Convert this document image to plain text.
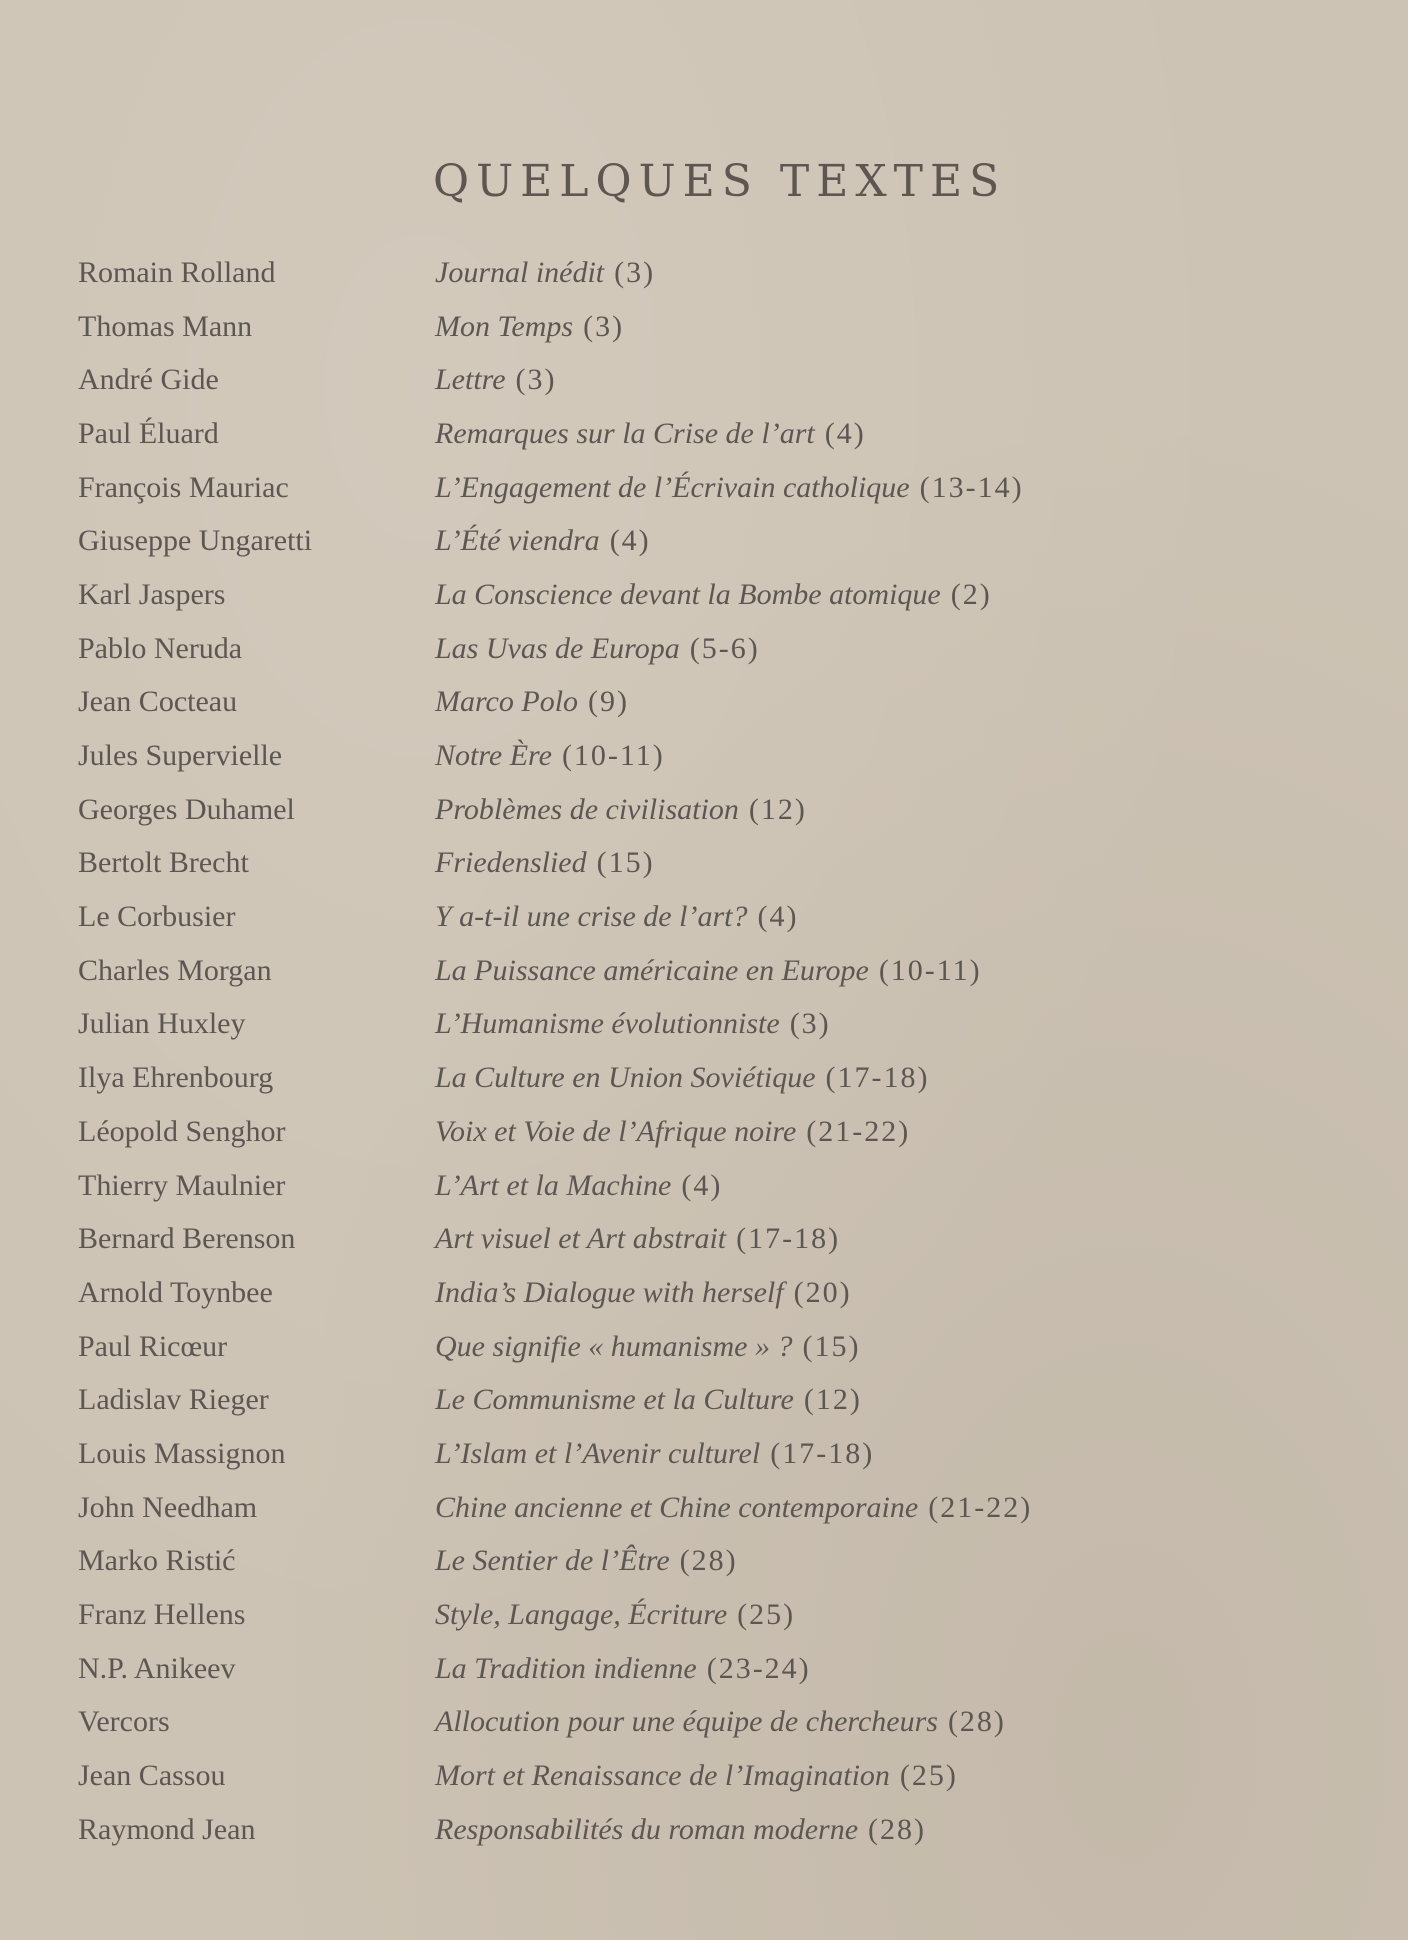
QUELQUES TEXTES
Romain Rolland	Journal inédit (3)
Thomas Mann	Mon Temps (3)
André Gide	Lettre (3)
Paul Éluard	Remarques sur la Crise de l’art (4)
François Mauriac	L’Engagement de l’Écrivain catholique (13-14)
Giuseppe Ungaretti	L’Été viendra (4)
Karl Jaspers	La Conscience devant la Bombe atomique (2)
Pablo Neruda	Las Uvas de Europa (5-6)
Jean Cocteau	Marco Polo (9)
Jules Supervielle	Notre Ère (10-11)
Georges Duhamel	Problèmes de civilisation (12)
Bertolt Brecht	Friedenslied (15)
Le Corbusier	Y a-t-il une crise de l’art? (4)
Charles Morgan	La Puissance américaine en Europe (10-11)
Julian Huxley	L’Humanisme évolutionniste (3)
Ilya Ehrenbourg	La Culture en Union Soviétique (17-18)
Léopold Senghor	Voix et Voie de l’Afrique noire (21-22)
Thierry Maulnier	L’Art et la Machine (4)
Bernard Berenson	Art visuel et Art abstrait (17-18)
Arnold Toynbee	India’s Dialogue with herself (20)
Paul Ricœur	Que signifie « humanisme » ? (15)
Ladislav Rieger	Le Communisme et la Culture (12)
Louis Massignon	L’Islam et l’Avenir culturel (17-18)
John Needham	Chine ancienne et Chine contemporaine (21-22)
Marko Ristić	Le Sentier de l’Être (28)
Franz Hellens	Style, Langage, Écriture (25)
N.P. Anikeev	La Tradition indienne (23-24)
Vercors	Allocution pour une équipe de chercheurs (28)
Jean Cassou	Mort et Renaissance de l’Imagination (25)
Raymond Jean	Responsabilités du roman moderne (28)
